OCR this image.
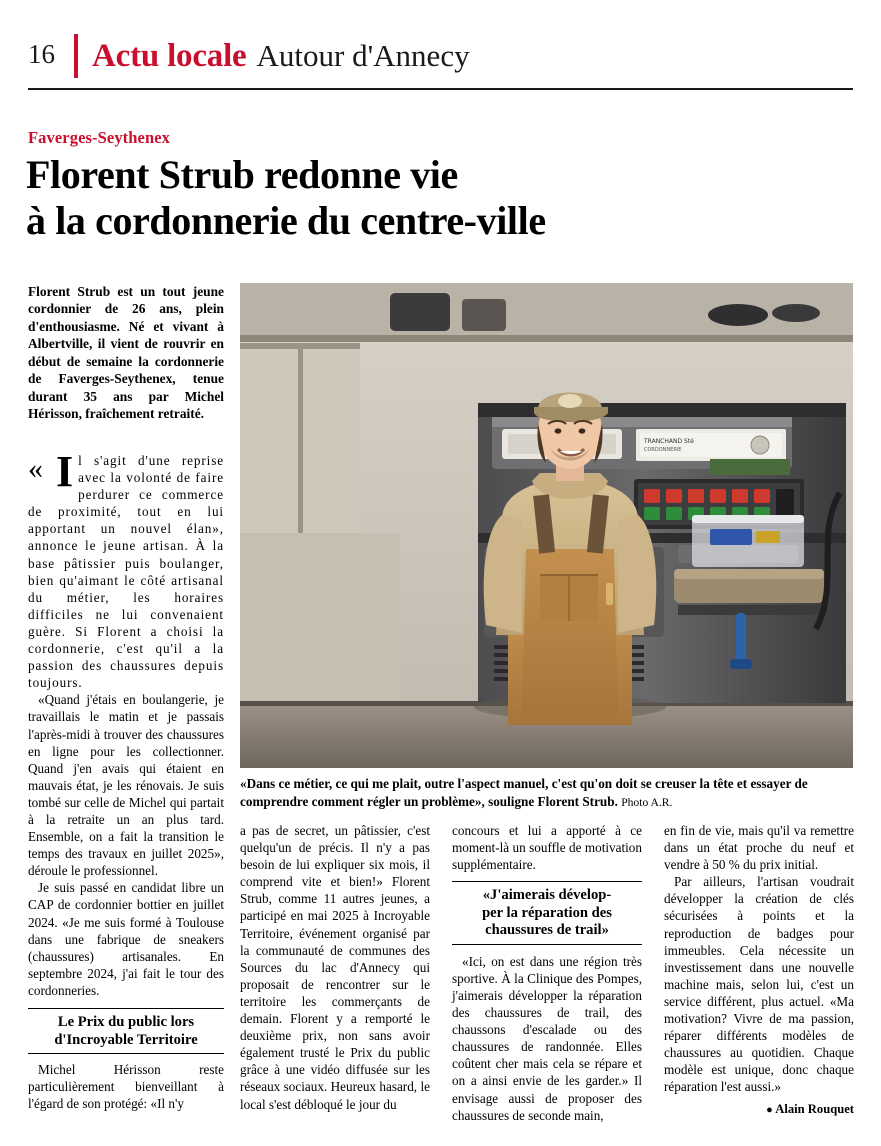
16	Actu locale Autour d'Annecy
Faverges-Seythenex
Florent Strub redonne vie
à la cordonnerie du centre-ville
Florent Strub est un tout jeune cordonnier de 26 ans, plein d'enthousiasme. Né et vivant à Albertville, il vient de rouvrir en début de semaine la cordonnerie de Faverges-Seythenex, tenue durant 35 ans par Michel Hérisson, fraîchement retraité.
TRANCHAND Sté
CORDONNERIE
«Dans ce métier, ce qui me plait, outre l'aspect manuel, c'est qu'on doit se creuser la tête et essayer de comprendre comment régler un problème», souligne Florent Strub. Photo A.R.
« I l s'agit d'une reprise avec la volonté de faire perdurer ce commerce de proximité, tout en lui apportant un nouvel élan», annonce le jeune artisan. À la base pâtissier puis boulanger, bien qu'aimant le côté artisanal du métier, les horaires difficiles ne lui convenaient guère. Si Florent a choisi la cordonnerie, c'est qu'il a la passion des chaussures depuis toujours.

«Quand j'étais en boulangerie, je travaillais le matin et je passais l'après-midi à trouver des chaussures en ligne pour les collectionner. Quand j'en avais qui étaient en mauvais état, je les rénovais. Je suis tombé sur celle de Michel qui partait à la retraite un an plus tard. Ensemble, on a fait la transition le temps des travaux en juillet 2025», déroule le professionnel.

Je suis passé en candidat libre un CAP de cordonnier bottier en juillet 2024. «Je me suis formé à Toulouse dans une fabrique de sneakers (chaussures) artisanales. En septembre 2024, j'ai fait le tour des cordonneries.

Le Prix du public lors
d'Incroyable Territoire

Michel Hérisson reste particulièrement bienveillant à l'égard de son protégé: «Il n'y

a pas de secret, un pâtissier, c'est quelqu'un de précis. Il n'y a pas besoin de lui expliquer six mois, il comprend vite et bien!» Florent Strub, comme 11 autres jeunes, a participé en mai 2025 à Incroyable Territoire, événement organisé par la communauté de communes des Sources du lac d'Annecy qui proposait de rencontrer sur le territoire les commerçants de demain. Florent y a remporté le deuxième prix, non sans avoir également trusté le Prix du public grâce à une vidéo diffusée sur les réseaux sociaux. Heureux hasard, le local s'est débloqué le jour du

concours et lui a apporté à ce moment-là un souffle de motivation supplémentaire.

«J'aimerais dévelop-
per la réparation des
chaussures de trail»

«Ici, on est dans une région très sportive. À la Clinique des Pompes, j'aimerais développer la réparation des chaussures de trail, des chaussons d'escalade ou des chaussures de randonnée. Elles coûtent cher mais cela se répare et on a ainsi envie de les garder.» Il envisage aussi de proposer des chaussures de seconde main,

en fin de vie, mais qu'il va remettre dans un état proche du neuf et vendre à 50 % du prix initial.

Par ailleurs, l'artisan voudrait développer la création de clés sécurisées à points et la reproduction de badges pour immeubles. Cela nécessite un investissement dans une nouvelle machine mais, selon lui, c'est un service différent, plus actuel. «Ma motivation? Vivre de ma passion, réparer différents modèles de chaussures au quotidien. Chaque modèle est unique, donc chaque réparation l'est aussi.»

● Alain Rouquet
